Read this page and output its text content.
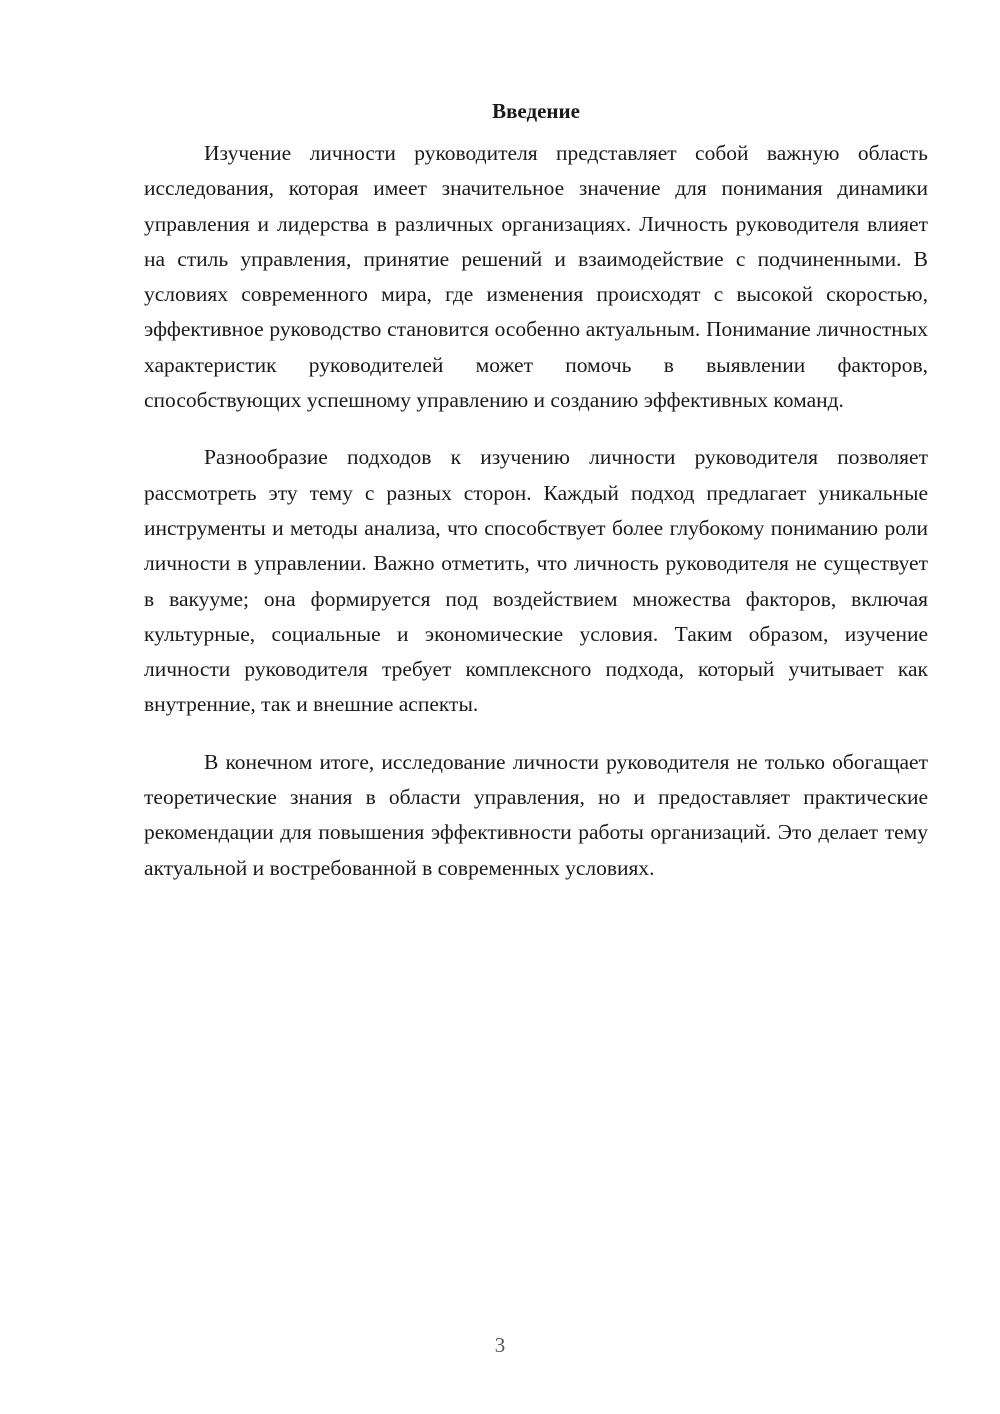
Введение

Изучение личности руководителя представляет собой важную область исследования, которая имеет значительное значение для понимания динамики управления и лидерства в различных организациях. Личность руководителя влияет на стиль управления, принятие решений и взаимодействие с подчиненными. В условиях современного мира, где изменения происходят с высокой скоростью, эффективное руководство становится особенно актуальным. Понимание личностных характеристик руководителей может помочь в выявлении факторов, способствующих успешному управлению и созданию эффективных команд.

Разнообразие подходов к изучению личности руководителя позволяет рассмотреть эту тему с разных сторон. Каждый подход предлагает уникальные инструменты и методы анализа, что способствует более глубокому пониманию роли личности в управлении. Важно отметить, что личность руководителя не существует в вакууме; она формируется под воздействием множества факторов, включая культурные, социальные и экономические условия. Таким образом, изучение личности руководителя требует комплексного подхода, который учитывает как внутренние, так и внешние аспекты.

В конечном итоге, исследование личности руководителя не только обогащает теоретические знания в области управления, но и предоставляет практические рекомендации для повышения эффективности работы организаций. Это делает тему актуальной и востребованной в современных условиях.

3
